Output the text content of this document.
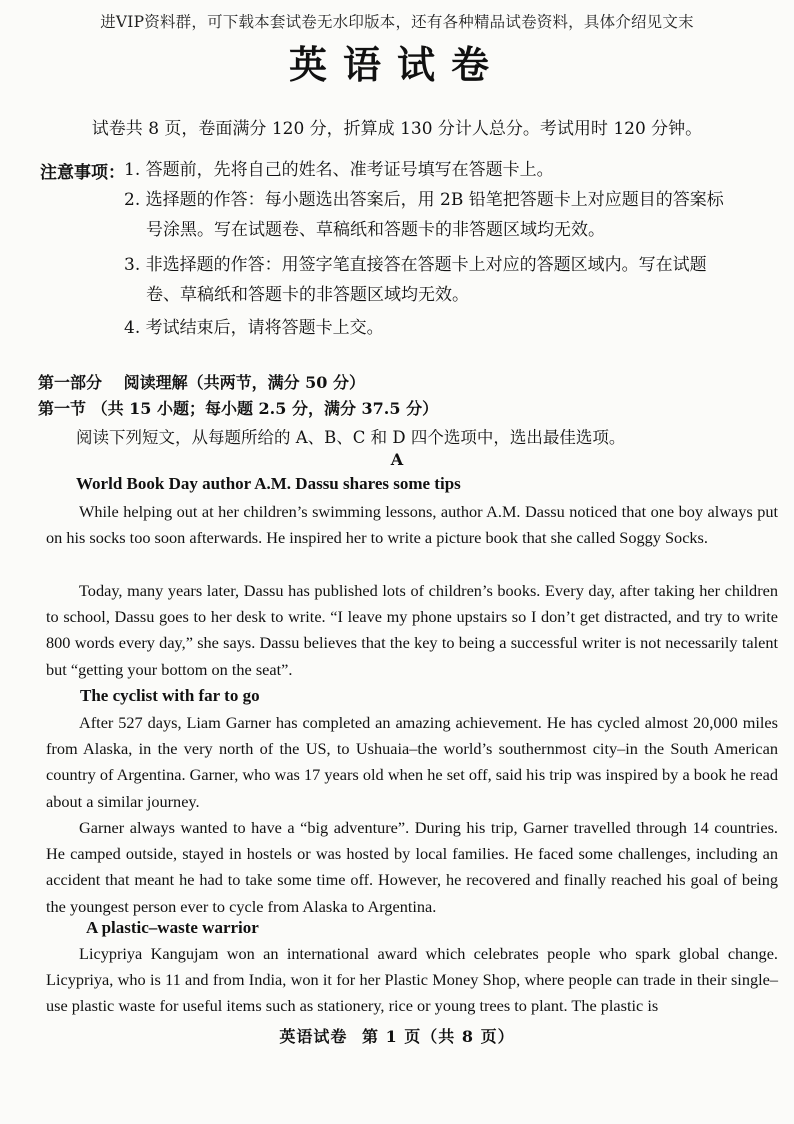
进VIP资料群，可下载本套试卷无水印版本，还有各种精品试卷资料，具体介绍见文末
英语试卷
试卷共 8 页，卷面满分 120 分，折算成 130 分计人总分。考试用时 120 分钟。
注意事项： 1. 答题前，先将自己的姓名、准考证号填写在答题卡上。
2. 选择题的作答：每小题选出答案后，用 2B 铅笔把答题卡上对应题目的答案标
号涂黑。写在试题卷、草稿纸和答题卡的非答题区域均无效。
3. 非选择题的作答：用签字笔直接答在答题卡上对应的答题区域内。写在试题
卷、草稿纸和答题卡的非答题区域均无效。
4. 考试结束后，请将答题卡上交。
第一部分　 阅读理解（共两节，满分 50 分）
第一节 （共 15 小题；每小题 2.5 分，满分 37.5 分）
阅读下列短文，从每题所给的 A、B、C 和 D 四个选项中，选出最佳选项。
A
World Book Day author A.M. Dassu shares some tips
While helping out at her children’s swimming lessons, author A.M. Dassu noticed that one boy always put on his socks too soon afterwards. He inspired her to write a picture book that she called Soggy Socks.
Today, many years later, Dassu has published lots of children’s books. Every day, after taking her children to school, Dassu goes to her desk to write. “I leave my phone upstairs so I don’t get distracted, and try to write 800 words every day,” she says. Dassu believes that the key to being a successful writer is not necessarily talent but “getting your bottom on the seat”.
The cyclist with far to go
After 527 days, Liam Garner has completed an amazing achievement. He has cycled almost 20,000 miles from Alaska, in the very north of the US, to Ushuaia–the world’s southernmost city–in the South American country of Argentina. Garner, who was 17 years old when he set off, said his trip was inspired by a book he read about a similar journey.
Garner always wanted to have a “big adventure”. During his trip, Garner travelled through 14 countries. He camped outside, stayed in hostels or was hosted by local families. He faced some challenges, including an accident that meant he had to take some time off. However, he recovered and finally reached his goal of being the youngest person ever to cycle from Alaska to Argentina.
A plastic–waste warrior
Licypriya Kangujam won an international award which celebrates people who spark global change. Licypriya, who is 11 and from India, won it for her Plastic Money Shop, where people can trade in their single–use plastic waste for useful items such as stationery, rice or young trees to plant. The plastic is
英语试卷 第 1 页（共 8 页）
